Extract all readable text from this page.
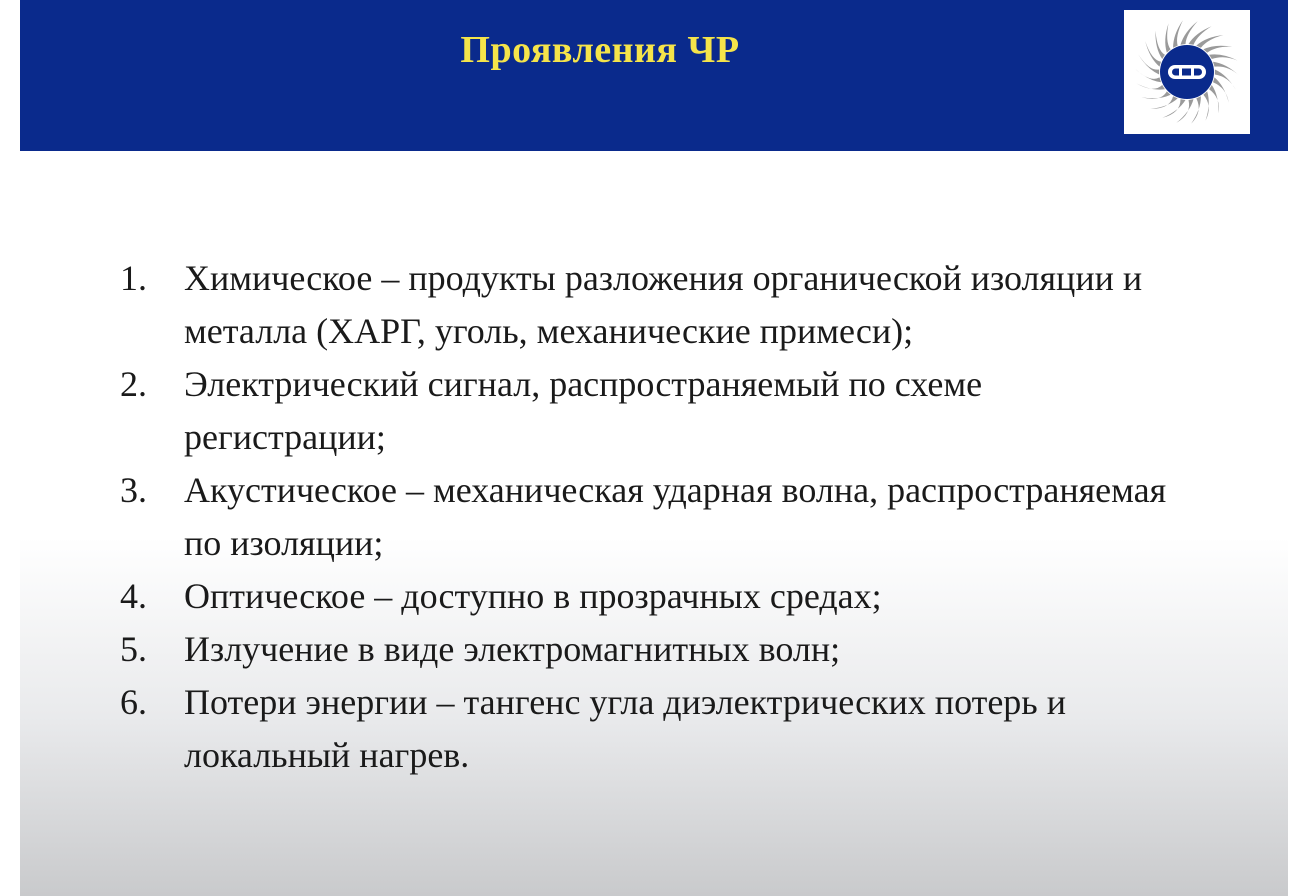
Проявления ЧР
1.	Химическое – продукты разложения органической изоляции и металла (ХАРГ, уголь, механические примеси);
2.	Электрический сигнал, распространяемый по схеме регистрации;
3.	Акустическое – механическая ударная волна, распространяемая по изоляции;
4.	Оптическое – доступно в прозрачных средах;
5.	Излучение в виде электромагнитных волн;
6.	Потери энергии – тангенс угла диэлектрических потерь и локальный нагрев.
